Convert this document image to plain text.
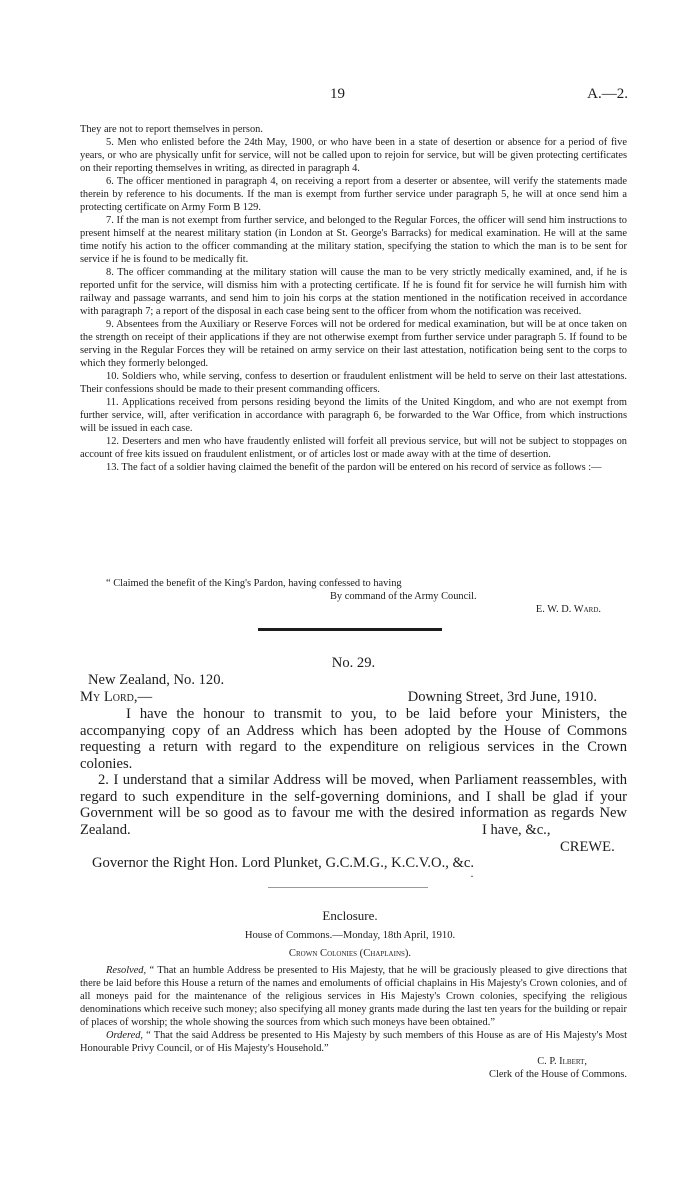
19	A.—2.

They are not to report themselves in person.

5. Men who enlisted before the 24th May, 1900, or who have been in a state of desertion or absence for a period of five years, or who are physically unfit for service, will not be called upon to rejoin for service, but will be given protecting certificates on their reporting themselves in writing, as directed in paragraph 4.

6. The officer mentioned in paragraph 4, on receiving a report from a deserter or absentee, will verify the statements made therein by reference to his documents. If the man is exempt from further service under paragraph 5, he will at once send him a protecting certificate on Army Form B 129.

7. If the man is not exempt from further service, and belonged to the Regular Forces, the officer will send him instructions to present himself at the nearest military station (in London at St. George's Barracks) for medical examination. He will at the same time notify his action to the officer commanding at the military station, specifying the station to which the man is to be sent for service if he is found to be medically fit.

8. The officer commanding at the military station will cause the man to be very strictly medically examined, and, if he is reported unfit for the service, will dismiss him with a protecting certificate. If he is found fit for service he will furnish him with railway and passage warrants, and send him to join his corps at the station mentioned in the notification received in accordance with paragraph 7; a report of the disposal in each case being sent to the officer from whom the notification was received.

9. Absentees from the Auxiliary or Reserve Forces will not be ordered for medical examination, but will be at once taken on the strength on receipt of their applications if they are not otherwise exempt from further service under paragraph 5. If found to be serving in the Regular Forces they will be retained on army service on their last attestation, notification being sent to the corps to which they formerly belonged.

10. Soldiers who, while serving, confess to desertion or fraudulent enlistment will be held to serve on their last attestations. Their confessions should be made to their present commanding officers.

11. Applications received from persons residing beyond the limits of the United Kingdom, and who are not exempt from further service, will, after verification in accordance with paragraph 6, be forwarded to the War Office, from which instructions will be issued in each case.

12. Deserters and men who have fraudently enlisted will forfeit all previous service, but will not be subject to stoppages on account of free kits issued on fraudulent enlistment, or of articles lost or made away with at the time of desertion.

13. The fact of a soldier having claimed the benefit of the pardon will be entered on his record of service as follows :—

“ Claimed the benefit of the King's Pardon, having confessed to having
By command of the Army Council.
E. W. D. Ward.

No. 29.

New Zealand, No. 120.

My Lord,—	Downing Street, 3rd June, 1910.

I have the honour to transmit to you, to be laid before your Ministers, the accompanying copy of an Address which has been adopted by the House of Commons requesting a return with regard to the expenditure on religious services in the Crown colonies.

2. I understand that a similar Address will be moved, when Parliament reassembles, with regard to such expenditure in the self-governing dominions, and I shall be glad if your Government will be so good as to favour me with the desired information as regards New Zealand.	I have, &c.,
CREWE.
Governor the Right Hon. Lord Plunket, G.C.M.G., K.C.V.O., &c.
·
Enclosure.
House of Commons.—Monday, 18th April, 1910.
Crown Colonies (Chaplains).

Resolved, “ That an humble Address be presented to His Majesty, that he will be graciously pleased to give directions that there be laid before this House a return of the names and emoluments of official chaplains in His Majesty's Crown colonies, and of all moneys paid for the maintenance of the religious services in His Majesty's Crown colonies, specifying the religious denominations which receive such money; also specifying all money grants made during the last ten years for the building or repair of places of worship; the whole showing the sources from which such moneys have been obtained.”

Ordered, “ That the said Address be presented to His Majesty by such members of this House as are of His Majesty's Most Honourable Privy Council, or of His Majesty's Household.”

C. P. Ilbert,
Clerk of the House of Commons.
